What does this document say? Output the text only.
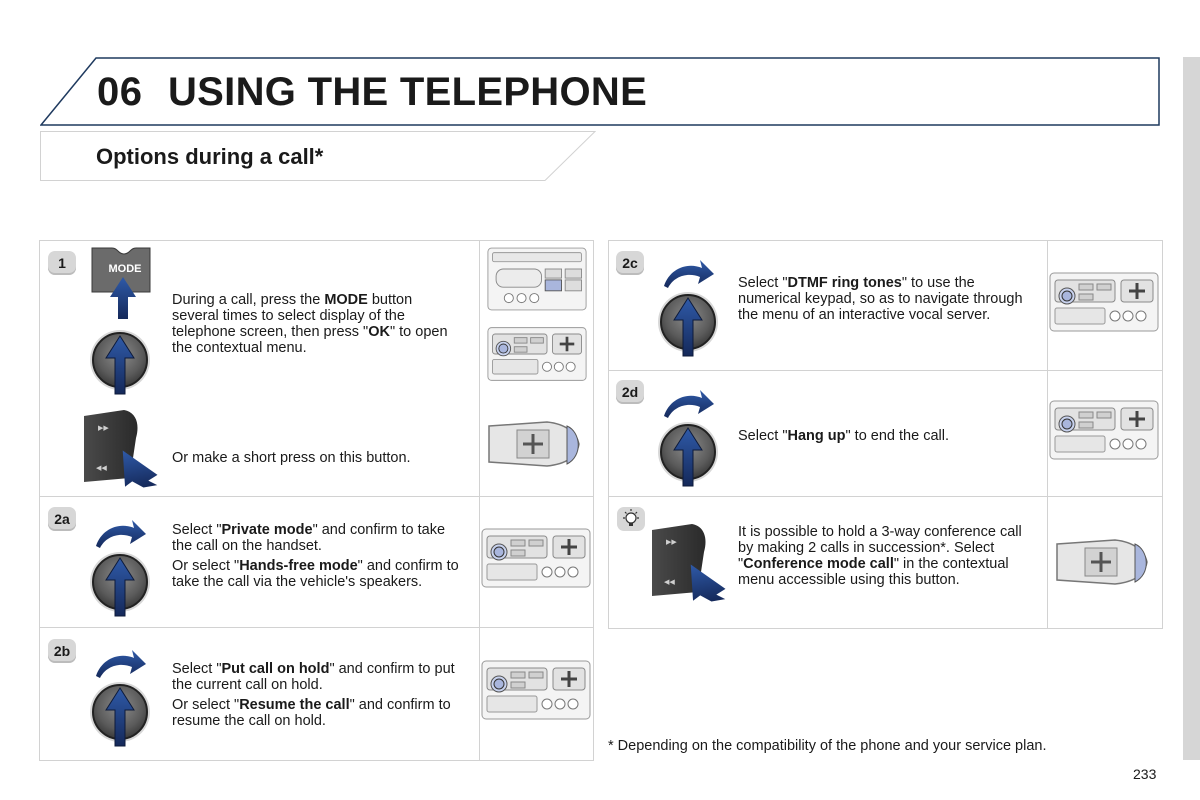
06 USING THE TELEPHONE
Options during a call*
1	MODE

During a call, press the MODE button several times to select display of the telephone screen, then press "OK" to open the contextual menu.

Or make a short press on this button.
2a

Select "Private mode" and confirm to take the call on the handset.

Or select "Hands-free mode" and confirm to take the call via the vehicle's speakers.

2b

Select "Put call on hold" and confirm to put the current call on hold.

Or select "Resume the call" and confirm to resume the call on hold.

2c

Select "DTMF ring tones" to use the numerical keypad, so as to navigate through the menu of an interactive vocal server.

2d

Select "Hang up" to end the call.

It is possible to hold a 3-way conference call by making 2 calls in succession*. Select "Conference mode call" in the contextual menu accessible using this button.

* Depending on the compatibility of the phone and your service plan.
233
